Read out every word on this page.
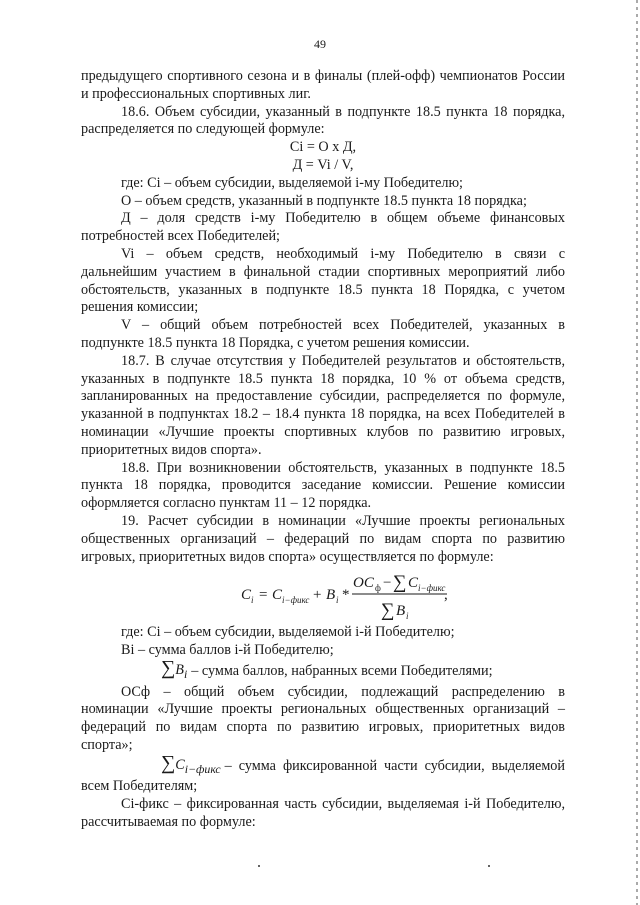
49

предыдущего спортивного сезона и в финалы (плей-офф) чемпионатов России и профессиональных спортивных лиг.

18.6. Объем субсидии, указанный в подпункте 18.5 пункта 18 порядка, распределяется по следующей формуле:

Ci = О х Д,

Д = Vi / V,

где: Ci – объем субсидии, выделяемой i-му Победителю;

О – объем средств, указанный в подпункте 18.5 пункта 18 порядка;

Д – доля средств i-му Победителю в общем объеме финансовых потребностей всех Победителей;

Vi – объем средств, необходимый i-му Победителю в связи с дальнейшим участием в финальной стадии спортивных мероприятий либо обстоятельств, указанных в подпункте 18.5 пункта 18 Порядка, с учетом решения комиссии;

V – общий объем потребностей всех Победителей, указанных в подпункте 18.5 пункта 18 Порядка, с учетом решения комиссии.

18.7. В случае отсутствия у Победителей результатов и обстоятельств, указанных в подпункте 18.5 пункта 18 порядка, 10 % от объема средств, запланированных на предоставление субсидии, распределяется по формуле, указанной в подпунктах 18.2 – 18.4 пункта 18 порядка, на всех Победителей в номинации «Лучшие проекты спортивных клубов по развитию игровых, приоритетных видов спорта».

18.8. При возникновении обстоятельств, указанных в подпункте 18.5 пункта 18 порядка, проводится заседание комиссии. Решение комиссии оформляется согласно пунктам 11 – 12 порядка.

19. Расчет субсидии в номинации «Лучшие проекты региональных общественных организаций – федераций по видам спорта по развитию игровых, приоритетных видов спорта» осуществляется по формуле:

C i = C i−фикс + B i *
OC ф − ∑ C i−фикс
∑ B i
,

где: Ci – объем субсидии, выделяемой i-й Победителю;

Bi – сумма баллов i-й Победителю;

$\sum B_i$ – сумма баллов, набранных всеми Победителями;

ОСф – общий объем субсидии, подлежащий распределению в номинации «Лучшие проекты региональных общественных организаций – федераций по видам спорта по развитию игровых, приоритетных видов спорта»;

$\sum C_{i-фикс}$ – сумма фиксированной части субсидии, выделяемой всем Победителям;

Ci-фикс – фиксированная часть субсидии, выделяемая i-й Победителю, рассчитываемая по формуле:
